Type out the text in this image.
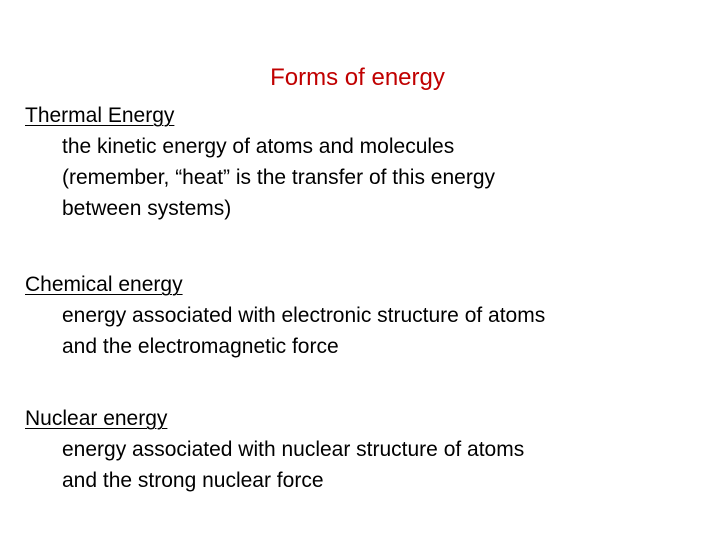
Forms of energy
Thermal Energy
the kinetic energy of atoms and molecules
(remember, “heat” is the transfer of this energy
between systems)
Chemical energy
energy associated with electronic structure of atoms
and the electromagnetic force
Nuclear energy
energy associated with nuclear structure of atoms
and the strong nuclear force
